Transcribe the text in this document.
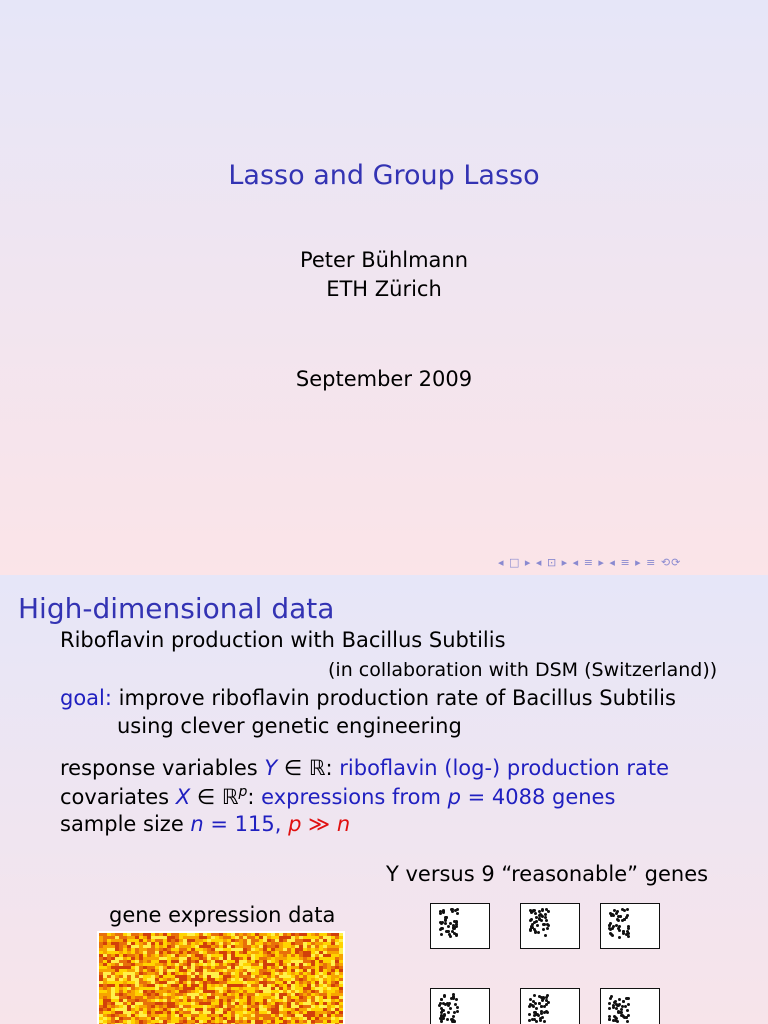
Lasso and Group Lasso
Peter Bühlmann
ETH Zürich
September 2009
◂ □ ▸ ◂ ⊡ ▸ ◂ ≡ ▸ ◂ ≡ ▸ ≡ ⟲⟳
High-dimensional data
Riboflavin production with Bacillus Subtilis
(in collaboration with DSM (Switzerland))
goal: improve riboflavin production rate of Bacillus Subtilis
using clever genetic engineering
response variables Y ∈ ℝ: riboflavin (log-) production rate
covariates X ∈ ℝ$^p$: expressions from p = 4088 genes
sample size n = 115, p ≫ n
Y versus 9 “reasonable” genes
gene expression data
